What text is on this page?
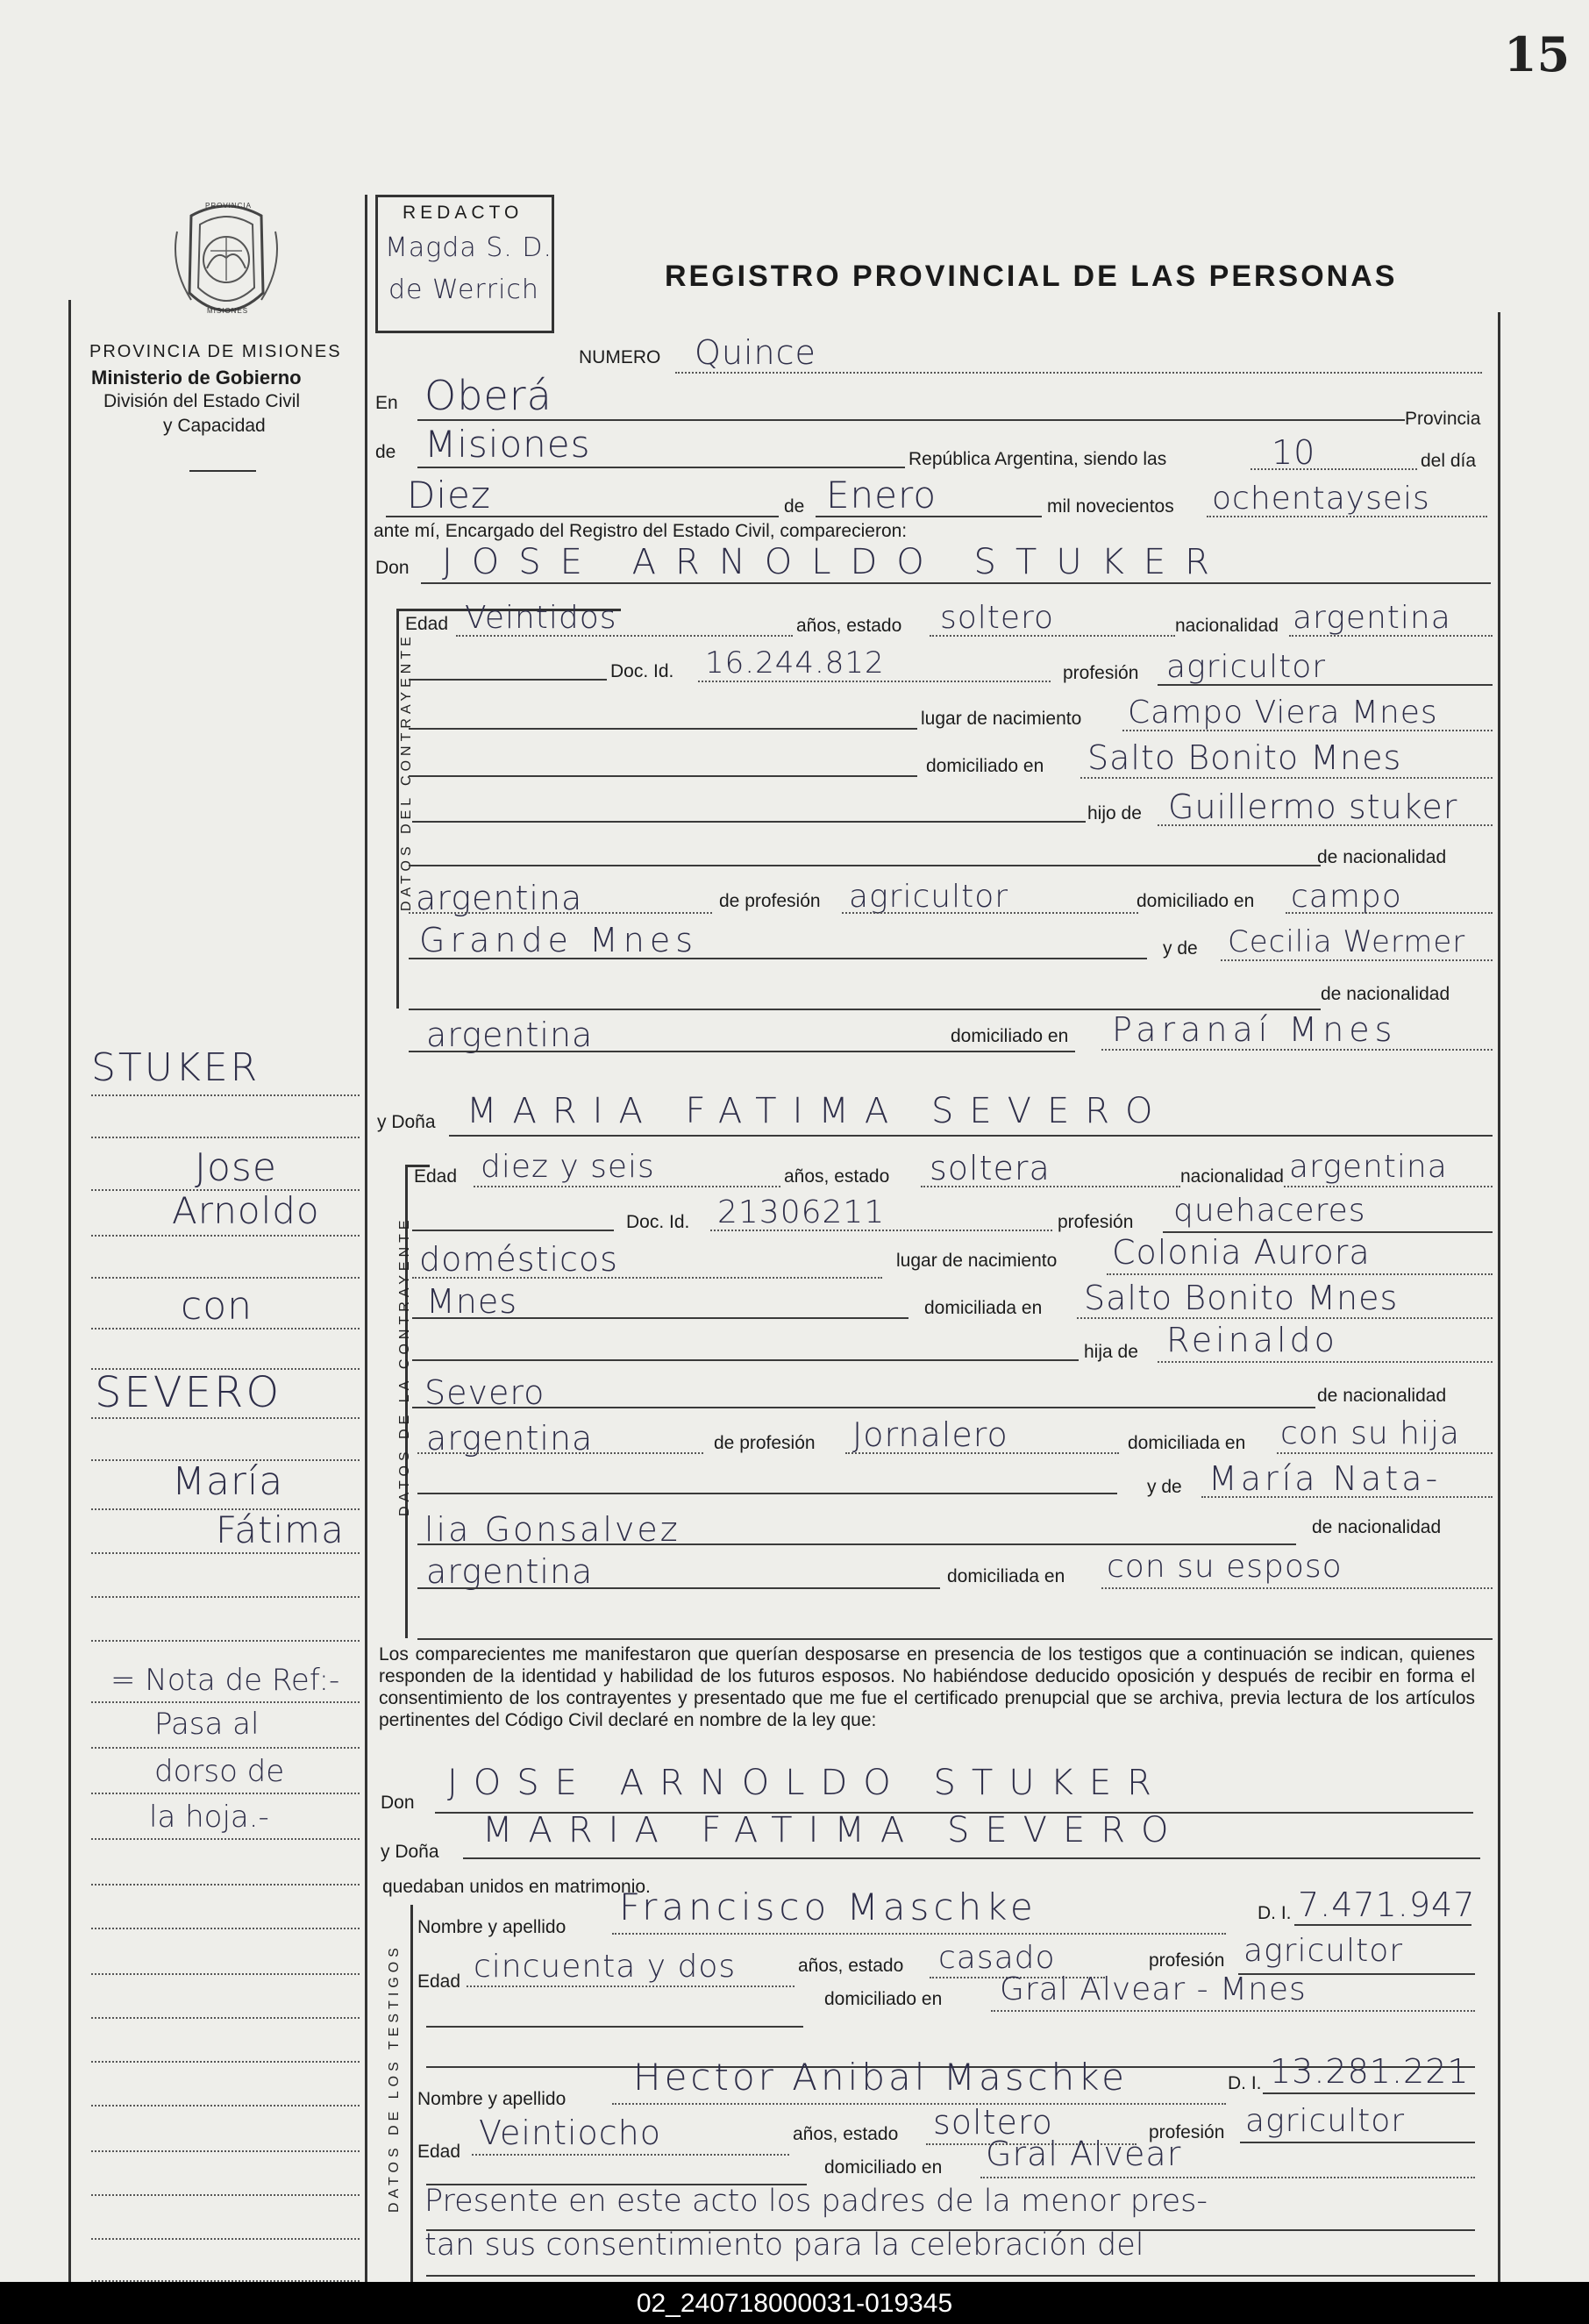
15
PROVINCIA
MISIONES
PROVINCIA DE MISIONES
Ministerio de Gobierno
División del Estado Civil
y Capacidad
REDACTO
Magda S. D.
de Werrich	REGISTRO PROVINCIAL DE LAS PERSONAS
DATOS DEL CONTRAYENTE
DATOS DE LA CONTRAYENTE
DATOS DE LOS TESTIGOS
NUMERO Quince
En Oberá	Provincia
de Misiones	República Argentina, siendo las	10	del día
Diez	de Enero	mil novecientos ochentayseis
ante mí, Encargado del Registro del Estado Civil, comparecieron:
Don JOSE ARNOLDO STUKER
Edad Veintidos	años, estado soltero	nacionalidad argentina
Doc. Id. 16.244.812	profesión agricultor
lugar de nacimiento Campo Viera Mnes
domiciliado en Salto Bonito Mnes
hijo de Guillermo stuker
de nacionalidad
argentina	de profesión agricultor	domiciliado en campo
Grande Mnes	y de Cecilia Wermer
de nacionalidad
argentina	domiciliado en Paranaí Mnes
y Doña MARIA FATIMA SEVERO
Edad diez y seis	años, estado soltera	nacionalidad argentina
Doc. Id. 21306211	profesión quehaceres
domésticos	lugar de nacimiento Colonia Aurora
Mnes	domiciliada en Salto Bonito Mnes
hija de Reinaldo
Severo	de nacionalidad
argentina	de profesión Jornalero	domiciliada en con su hija
y de María Nata-
lia Gonsalvez	de nacionalidad
argentina	domiciliada en con su esposo
STUKER
Jose
Arnoldo
con
SEVERO
María
Fátima
= Nota de Ref:-
Pasa al
dorso de
la hoja.-
Los comparecientes me manifestaron que querían desposarse en presencia de los testigos que a continuación se indican, quienes responden de la identidad y habilidad de los futuros esposos. No habiéndose deducido oposición y después de recibir en forma el consentimiento de los contrayentes y presentado que me fue el certificado prenupcial que se archiva, previa lectura de los artículos pertinentes del Código Civil declaré en nombre de la ley que:
Don JOSE ARNOLDO STUKER
y Doña
MARIA FATIMA SEVERO
quedaban unidos en matrimonio.
Nombre y apellido Francisco Maschke	D. I. 7.471.947
Edad cincuenta y dos	años, estado casado	profesión agricultor
domiciliado en Gral Alvear - Mnes
Nombre y apellido
Hector Anibal Maschke	D. I. 13.281.221
Edad Veintiocho	años, estado soltero	profesión agricultor
domiciliado en Gral Alvear
Presente en este acto los padres de la menor pres-
tan sus consentimiento para la celebración del
02_240718000031-019345
